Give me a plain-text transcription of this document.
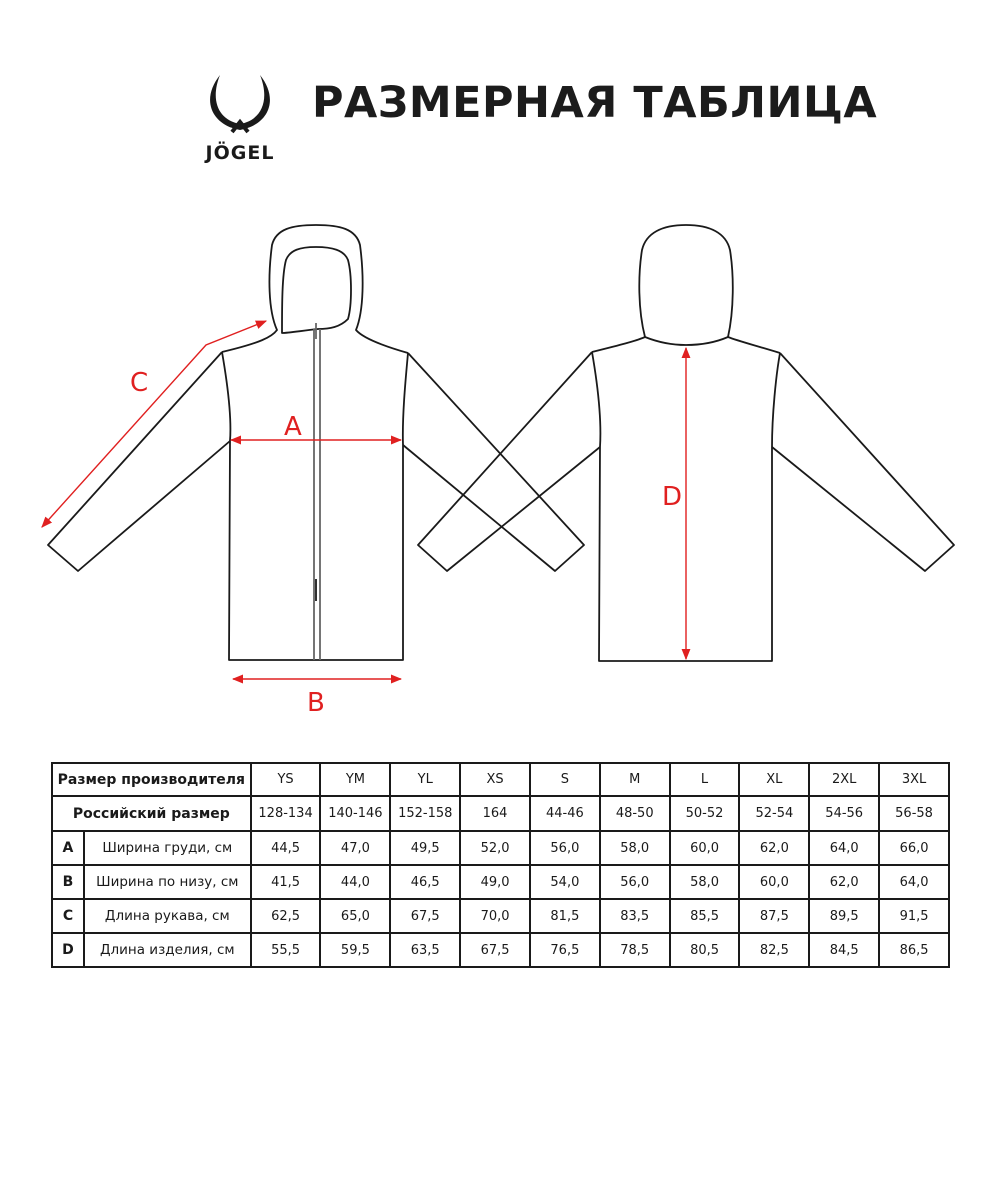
JÖGEL
РАЗМЕРНАЯ ТАБЛИЦА
A
B
C
D
Размер производителя		YS	YM	YL	XS	S	M	L	XL	2XL	3XL
Российский размер		128-134	140-146	152-158	164	44-46	48-50	50-52	52-54	54-56	56-58
A	Ширина груди, см	44,5	47,0	49,5	52,0	56,0	58,0	60,0	62,0	64,0	66,0
B	Ширина по низу, см	41,5	44,0	46,5	49,0	54,0	56,0	58,0	60,0	62,0	64,0
C	Длина рукава, см	62,5	65,0	67,5	70,0	81,5	83,5	85,5	87,5	89,5	91,5
D	Длина изделия, см	55,5	59,5	63,5	67,5	76,5	78,5	80,5	82,5	84,5	86,5
